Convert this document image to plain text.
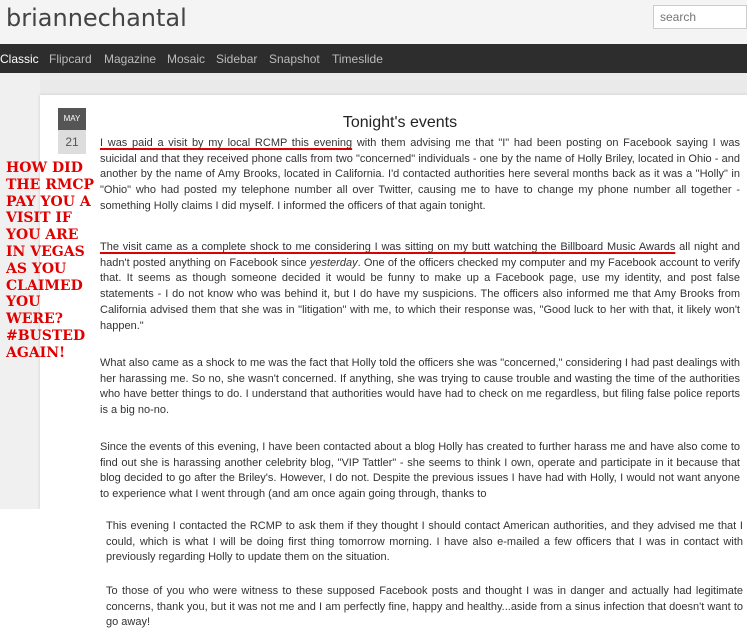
briannechantal
search
Classic Flipcard Magazine Mosaic Sidebar Snapshot Timeslide
MAY
21
Tonight's events

I was paid a visit by my local RCMP this evening with them advising me that "I" had been posting on Facebook saying I was suicidal and that they received phone calls from two "concerned" individuals - one by the name of Holly Briley, located in Ohio - and another by the name of Amy Brooks, located in California. I'd contacted authorities here several months back as it was a "Holly" in "Ohio" who had posted my telephone number all over Twitter, causing me to have to change my phone number all together - something Holly claims I did myself. I informed the officers of that again tonight.

The visit came as a complete shock to me considering I was sitting on my butt watching the Billboard Music Awards all night and hadn't posted anything on Facebook since yesterday. One of the officers checked my computer and my Facebook account to verify that. It seems as though someone decided it would be funny to make up a Facebook page, use my identity, and post false statements - I do not know who was behind it, but I do have my suspicions. The officers also informed me that Amy Brooks from California advised them that she was in "litigation" with me, to which their response was, "Good luck to her with that, it likely won't happen."

What also came as a shock to me was the fact that Holly told the officers she was "concerned," considering I had past dealings with her harassing me. So no, she wasn't concerned. If anything, she was trying to cause trouble and wasting the time of the authorities who have better things to do. I understand that authorities would have had to check on me regardless, but filing false police reports is a big no-no.

Since the events of this evening, I have been contacted about a blog Holly has created to further harass me and have also come to find out she is harassing another celebrity blog, "VIP Tattler" - she seems to think I own, operate and participate in it because that blog decided to go after the Briley's. However, I do not. Despite the previous issues I have had with Holly, I would not want anyone to experience what I went through (and am once again going through, thanks to

This evening I contacted the RCMP to ask them if they thought I should contact American authorities, and they advised me that I could, which is what I will be doing first thing tomorrow morning. I have also e-mailed a few officers that I was in contact with previously regarding Holly to update them on the situation.

To those of you who were witness to these supposed Facebook posts and thought I was in danger and actually had legitimate concerns, thank you, but it was not me and I am perfectly fine, happy and healthy...aside from a sinus infection that doesn't want to go away!

HOW DID THE RMCP PAY YOU A VISIT IF YOU ARE IN VEGAS AS YOU CLAIMED YOU WERE? #BUSTED AGAIN!
